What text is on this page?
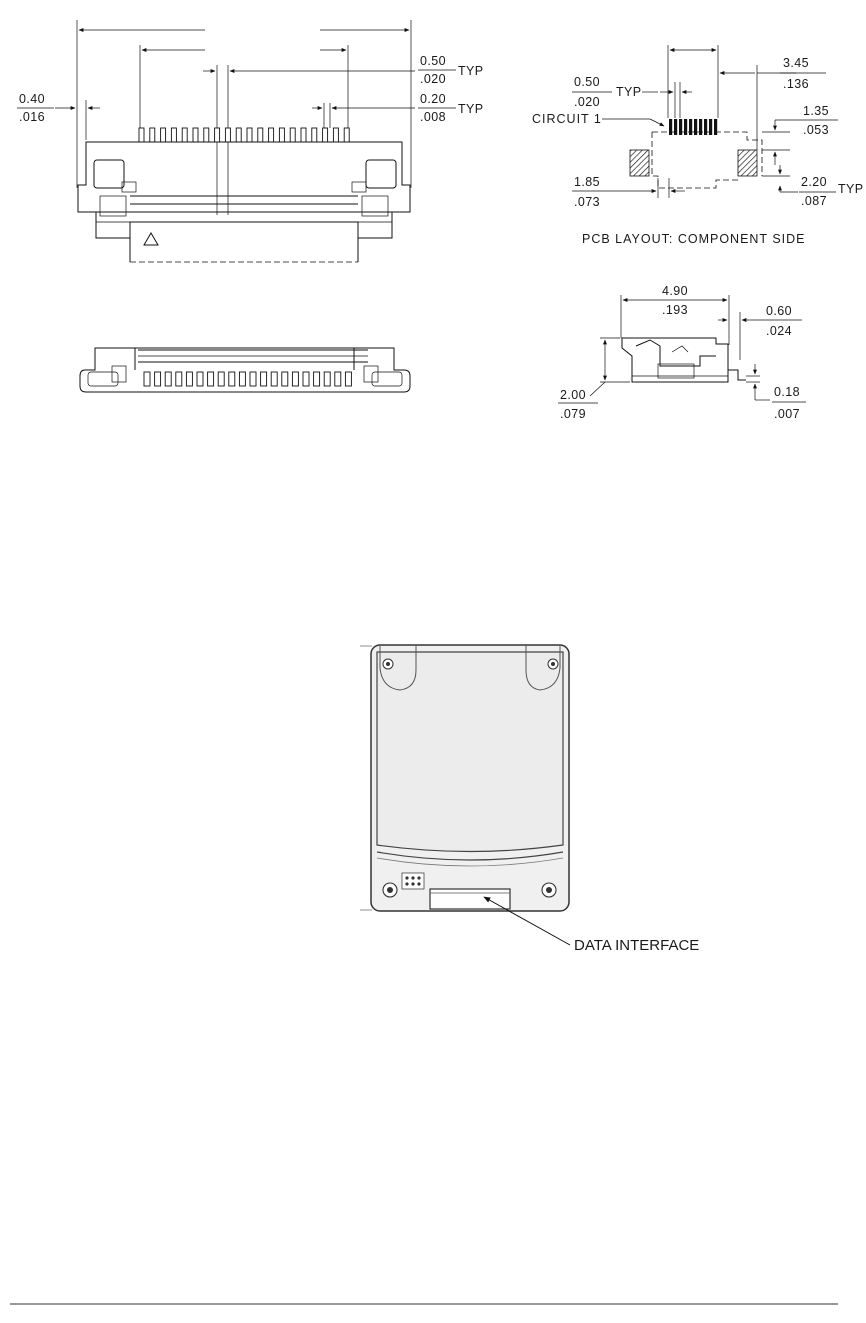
0.50
.020
TYP
0.20
.008
TYP
0.40
.016
3.45
.136
0.50
.020
TYP
CIRCUIT 1
1.35
.053
2.20
.087
TYP
1.85
.073
PCB LAYOUT: COMPONENT SIDE
4.90
.193	0.60
.024
2.00
.079
0.18
.007
DATA INTERFACE
